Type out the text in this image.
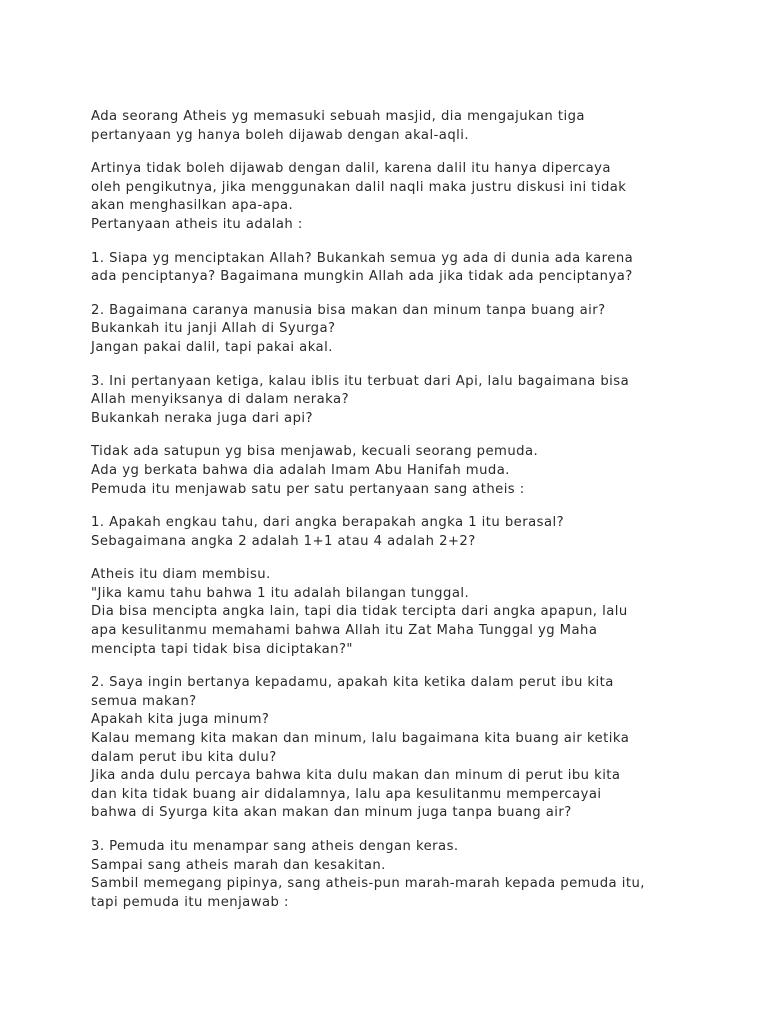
Ada seorang Atheis yg memasuki sebuah masjid, dia mengajukan tiga
pertanyaan yg hanya boleh dijawab dengan akal-aqli.

Artinya tidak boleh dijawab dengan dalil, karena dalil itu hanya dipercaya
oleh pengikutnya, jika menggunakan dalil naqli maka justru diskusi ini tidak
akan menghasilkan apa-apa.
Pertanyaan atheis itu adalah :

1. Siapa yg menciptakan Allah? Bukankah semua yg ada di dunia ada karena
ada penciptanya? Bagaimana mungkin Allah ada jika tidak ada penciptanya?

2. Bagaimana caranya manusia bisa makan dan minum tanpa buang air?
Bukankah itu janji Allah di Syurga?
Jangan pakai dalil, tapi pakai akal.

3. Ini pertanyaan ketiga, kalau iblis itu terbuat dari Api, lalu bagaimana bisa
Allah menyiksanya di dalam neraka?
Bukankah neraka juga dari api?

Tidak ada satupun yg bisa menjawab, kecuali seorang pemuda.
Ada yg berkata bahwa dia adalah Imam Abu Hanifah muda.
Pemuda itu menjawab satu per satu pertanyaan sang atheis :

1. Apakah engkau tahu, dari angka berapakah angka 1 itu berasal?
Sebagaimana angka 2 adalah 1+1 atau 4 adalah 2+2?

Atheis itu diam membisu.
"Jika kamu tahu bahwa 1 itu adalah bilangan tunggal.
Dia bisa mencipta angka lain, tapi dia tidak tercipta dari angka apapun, lalu
apa kesulitanmu memahami bahwa Allah itu Zat Maha Tunggal yg Maha
mencipta tapi tidak bisa diciptakan?"

2. Saya ingin bertanya kepadamu, apakah kita ketika dalam perut ibu kita
semua makan?
Apakah kita juga minum?
Kalau memang kita makan dan minum, lalu bagaimana kita buang air ketika
dalam perut ibu kita dulu?
Jika anda dulu percaya bahwa kita dulu makan dan minum di perut ibu kita
dan kita tidak buang air didalamnya, lalu apa kesulitanmu mempercayai
bahwa di Syurga kita akan makan dan minum juga tanpa buang air?

3. Pemuda itu menampar sang atheis dengan keras.
Sampai sang atheis marah dan kesakitan.
Sambil memegang pipinya, sang atheis-pun marah-marah kepada pemuda itu,
tapi pemuda itu menjawab :
